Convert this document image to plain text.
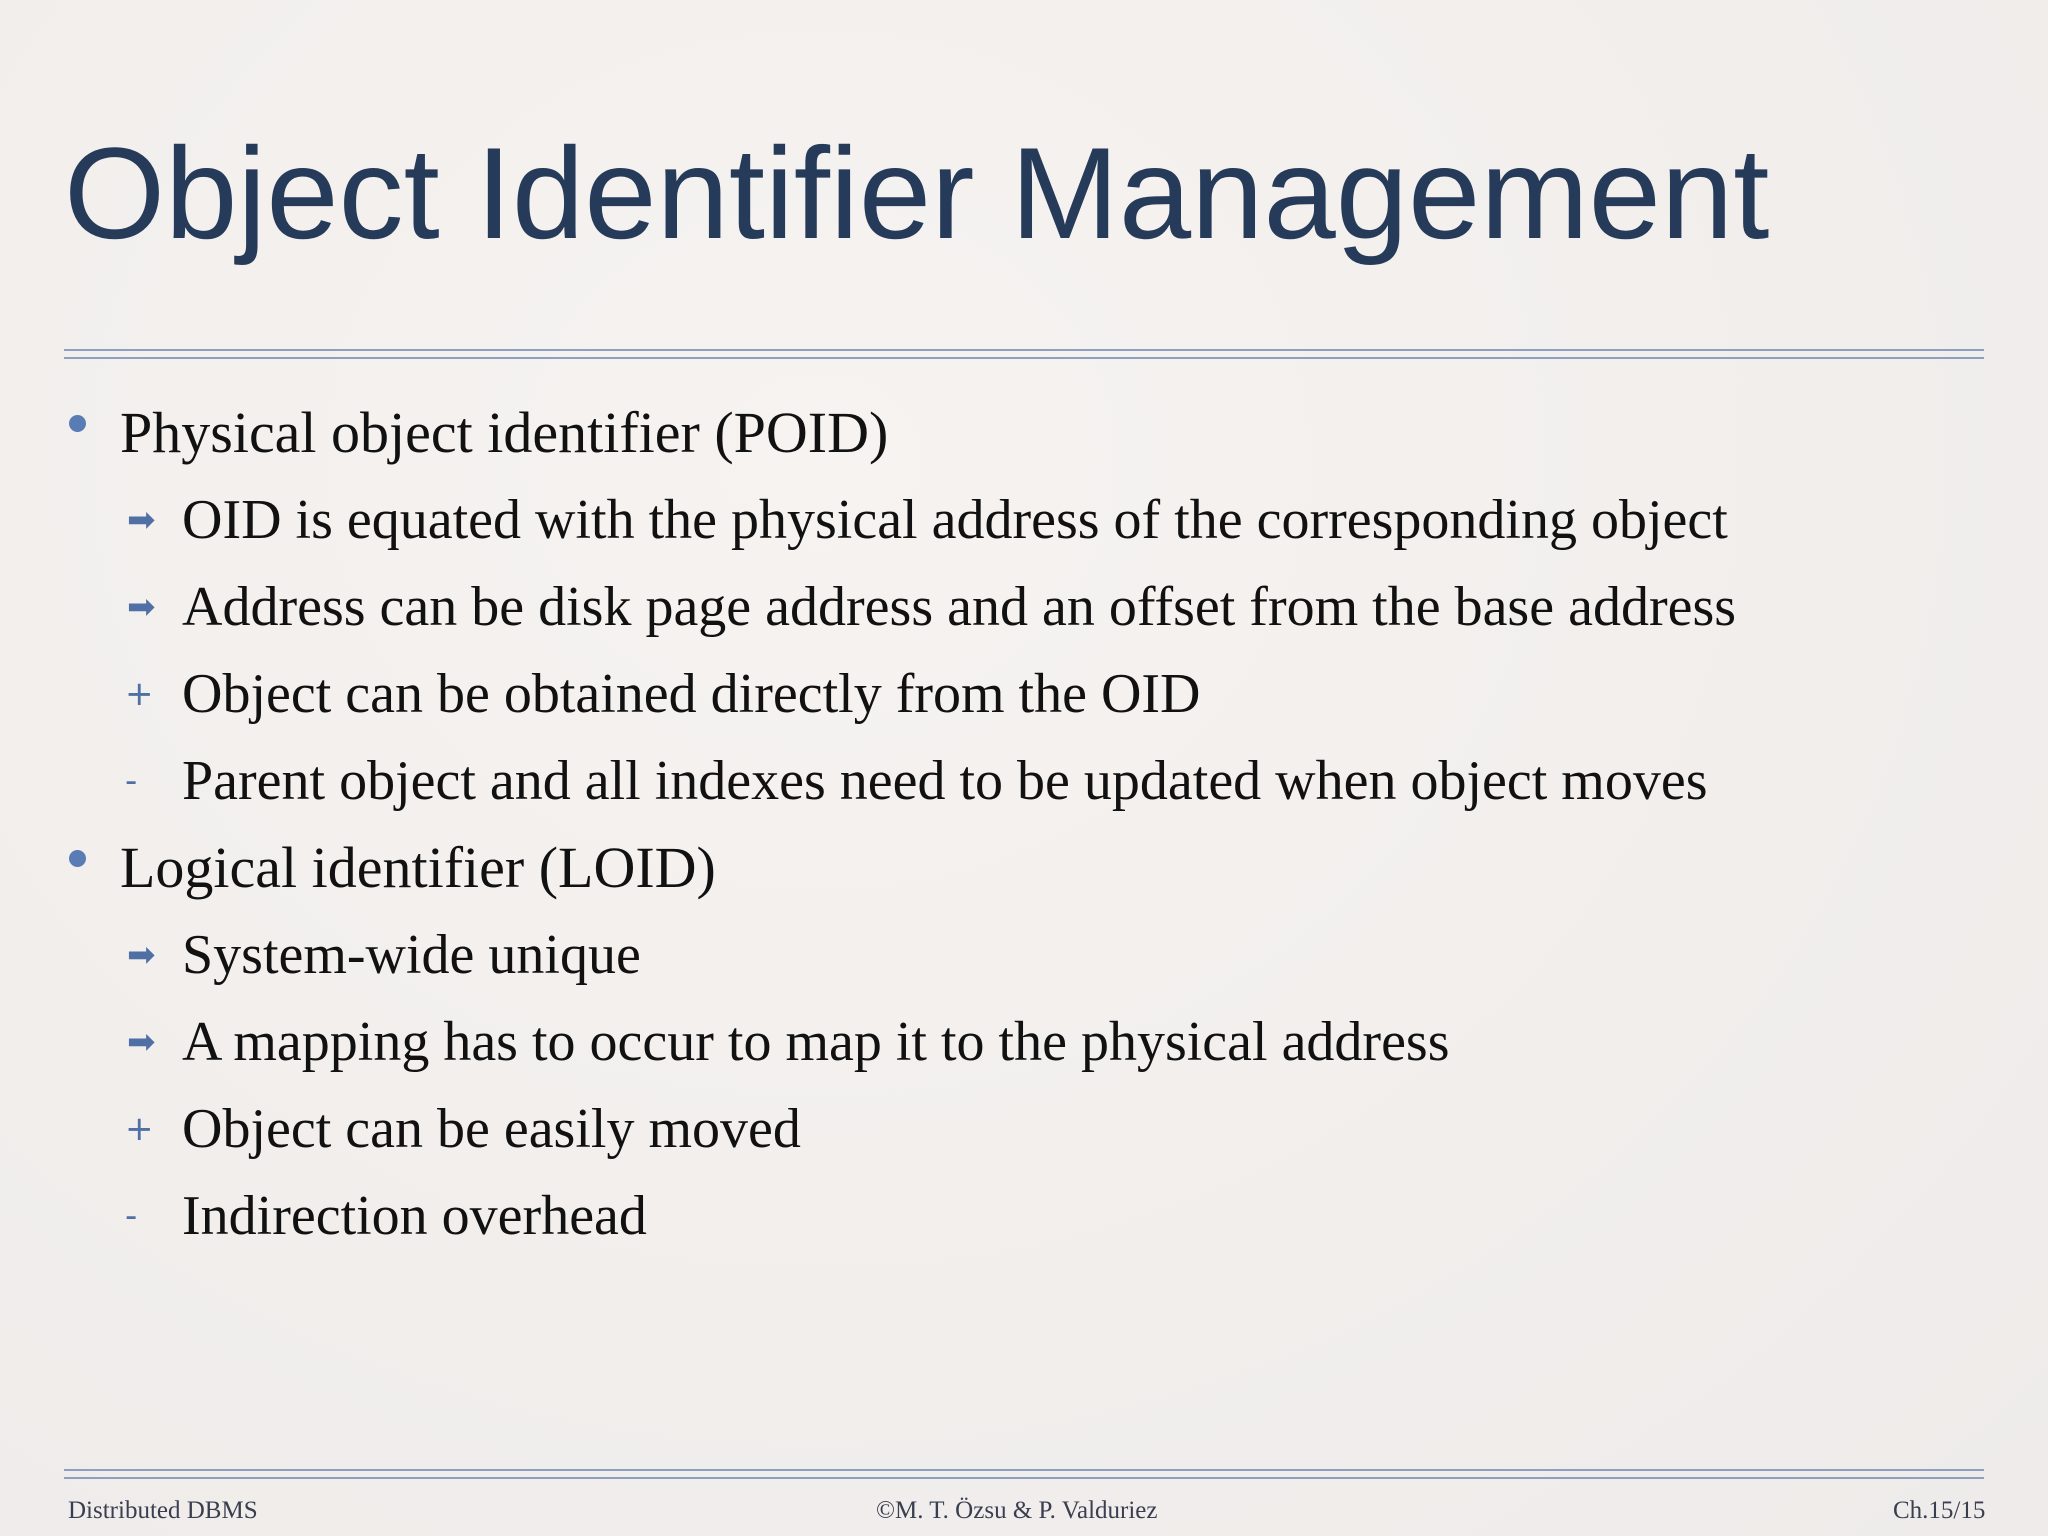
Object Identifier Management
Physical object identifier (POID)
➡ OID is equated with the physical address of the corresponding object
➡ Address can be disk page address and an offset from the base address
+ Object can be obtained directly from the OID
- Parent object and all indexes need to be updated when object moves
Logical identifier (LOID)
➡ System-wide unique
➡ A mapping has to occur to map it to the physical address
+ Object can be easily moved
- Indirection overhead
Distributed DBMS	©M. T. Özsu & P. Valduriez	Ch.15/15
